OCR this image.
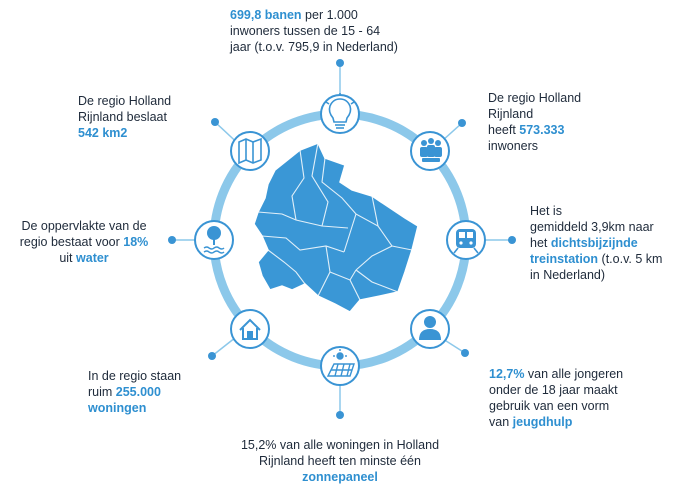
699,8 banen per 1.000
inwoners tussen de 15 - 64
jaar (t.o.v. 795,9 in Nederland)
De regio Holland
Rijnland
heeft 573.333
inwoners
Het is
gemiddeld 3,9km naar
het dichtsbijzijnde
treinstation (t.o.v. 5 km
in Nederland)
12,7% van alle jongeren
onder de 18 jaar maakt
gebruik van een vorm
van jeugdhulp
15,2% van alle woningen in Holland
Rijnland heeft ten minste één
zonnepaneel
In de regio staan
ruim 255.000
woningen
De oppervlakte van de
regio bestaat voor 18%
uit water
De regio Holland
Rijnland beslaat
542 km2
